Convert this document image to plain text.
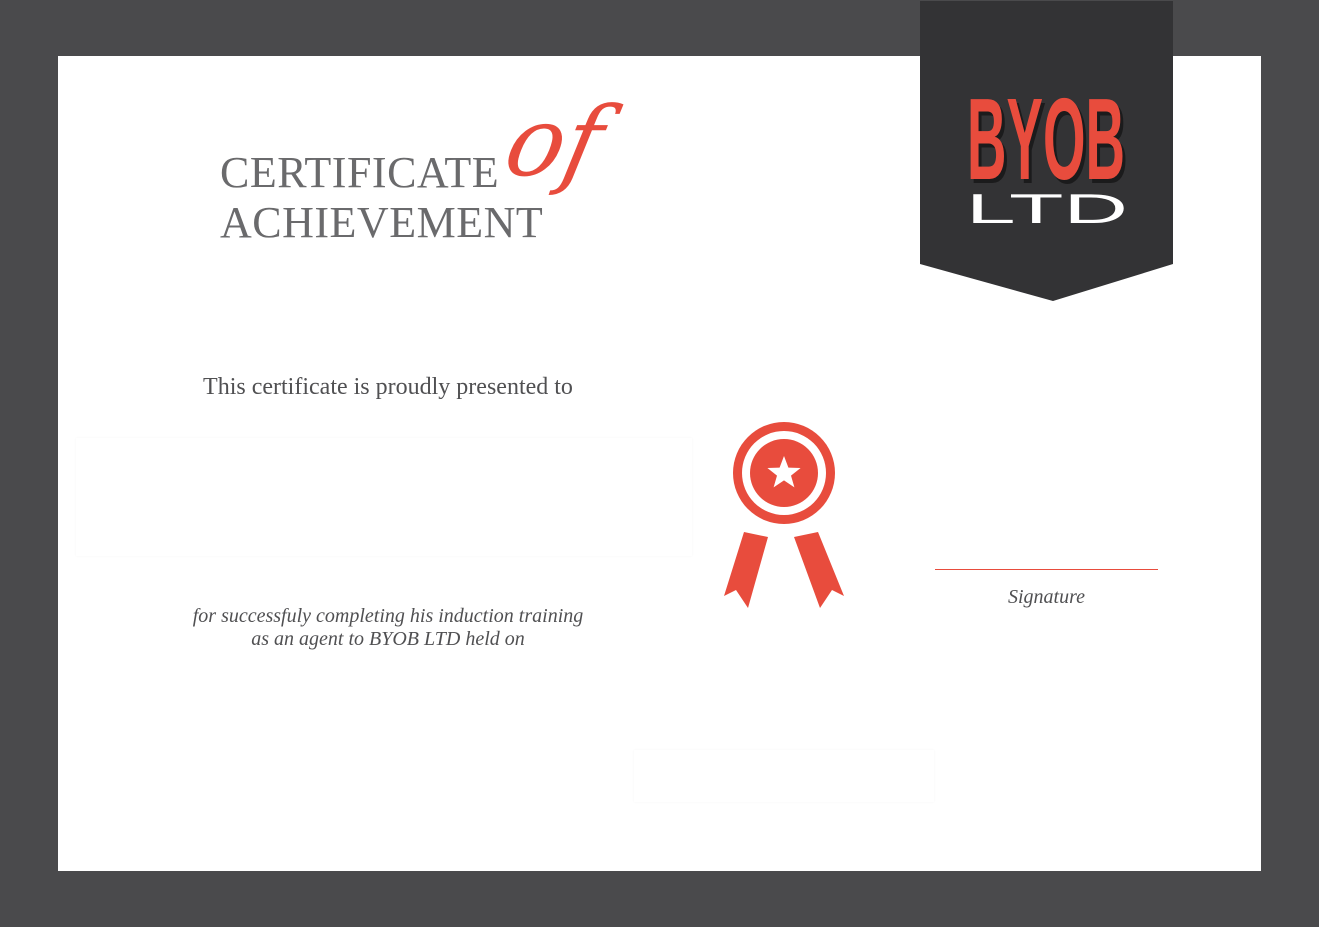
CERTIFICATE
ACHIEVEMENT
of
This certificate is proudly presented to
for successfuly completing his induction training
as an agent to BYOB LTD held on
Signature
BYOB
BYOB
LTD
